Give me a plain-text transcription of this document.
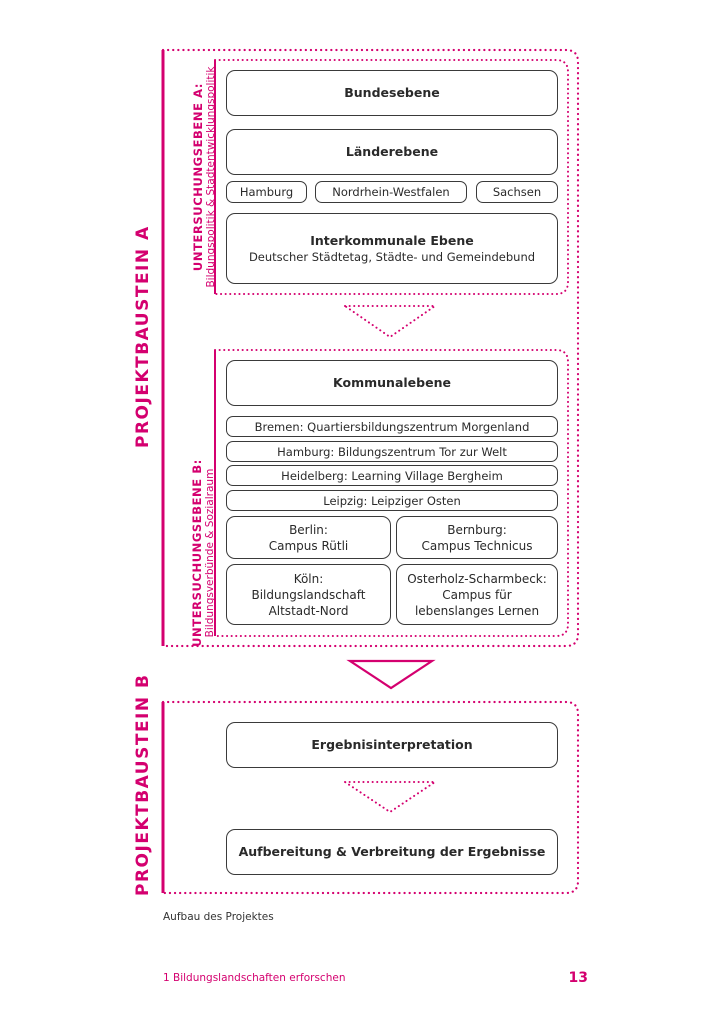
PROJEKTBAUSTEIN A
UNTERSUCHUNGSEBENE A: Bildungspolitik & Stadtentwicklungspolitik
UNTERSUCHUNGSEBENE B: Bildungsverbünde & Sozialraum
PROJEKTBAUSTEIN B
Bundesebene
Länderebene
Hamburg	Nordrhein-Westfalen	Sachsen
Interkommunale Ebene
Deutscher Städtetag, Städte- und Gemeindebund
Kommunalebene
Bremen: Quartiersbildungszentrum Morgenland
Hamburg: Bildungszentrum Tor zur Welt
Heidelberg: Learning Village Bergheim
Leipzig: Leipziger Osten
Berlin:
Campus Rütli
Bernburg:
Campus Technicus
Köln:
Bildungslandschaft
Altstadt-Nord
Osterholz-Scharmbeck:
Campus für
lebenslanges Lernen
Ergebnisinterpretation
Aufbereitung & Verbreitung der Ergebnisse
Aufbau des Projektes
1 Bildungslandschaften erforschen	13
